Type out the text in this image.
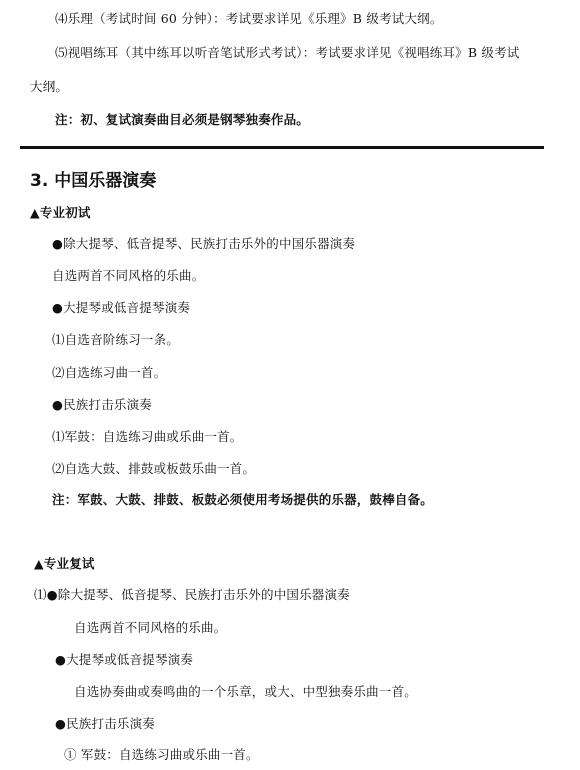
⑷乐理（考试时间 60 分钟）：考试要求详见《乐理》B 级考试大纲。
⑸视唱练耳（其中练耳以听音笔试形式考试）：考试要求详见《视唱练耳》B 级考试
大纲。
注：初、复试演奏曲目必须是钢琴独奏作品。
3. 中国乐器演奏
▲专业初试
●除大提琴、低音提琴、民族打击乐外的中国乐器演奏
自选两首不同风格的乐曲。
●大提琴或低音提琴演奏
⑴自选音阶练习一条。
⑵自选练习曲一首。
●民族打击乐演奏
⑴军鼓：自选练习曲或乐曲一首。
⑵自选大鼓、排鼓或板鼓乐曲一首。
注：军鼓、大鼓、排鼓、板鼓必须使用考场提供的乐器，鼓棒自备。
▲专业复试
⑴●除大提琴、低音提琴、民族打击乐外的中国乐器演奏
自选两首不同风格的乐曲。
●大提琴或低音提琴演奏
自选协奏曲或奏鸣曲的一个乐章，或大、中型独奏乐曲一首。
●民族打击乐演奏
① 军鼓：自选练习曲或乐曲一首。
